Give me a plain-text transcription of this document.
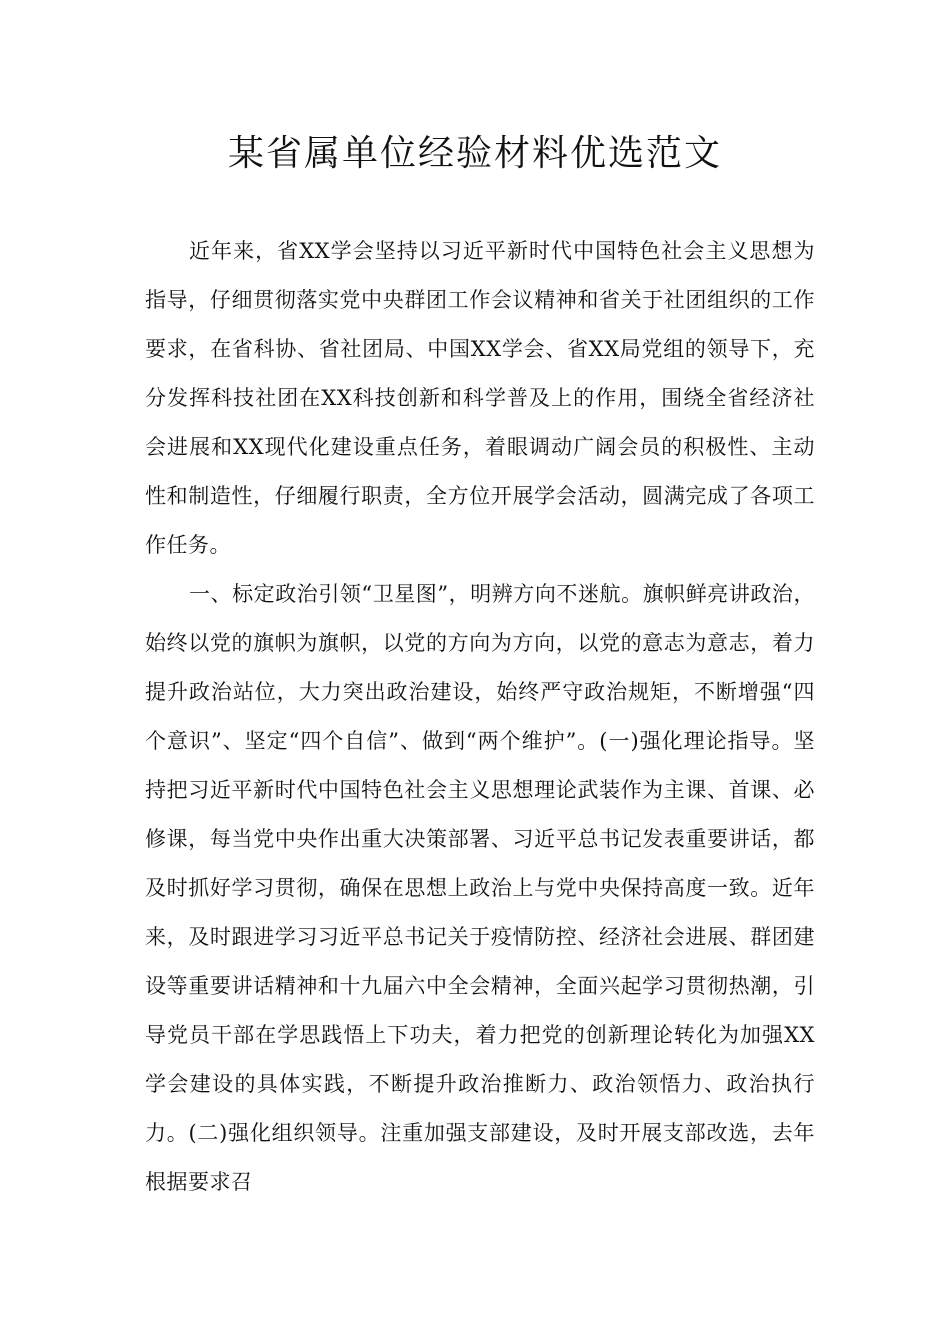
某省属单位经验材料优选范文

近年来，省XX学会坚持以习近平新时代中国特色社会主义思想为指导，仔细贯彻落实党中央群团工作会议精神和省关于社团组织的工作要求，在省科协、省社团局、中国XX学会、省XX局党组的领导下，充分发挥科技社团在XX科技创新和科学普及上的作用，围绕全省经济社会进展和XX现代化建设重点任务，着眼调动广阔会员的积极性、主动性和制造性，仔细履行职责，全方位开展学会活动，圆满完成了各项工作任务。

一、标定政治引领“卫星图”，明辨方向不迷航。旗帜鲜亮讲政治，始终以党的旗帜为旗帜，以党的方向为方向，以党的意志为意志，着力提升政治站位，大力突出政治建设，始终严守政治规矩，不断增强“四个意识”、坚定“四个自信”、做到“两个维护”。(一)强化理论指导。坚持把习近平新时代中国特色社会主义思想理论武装作为主课、首课、必修课，每当党中央作出重大决策部署、习近平总书记发表重要讲话，都及时抓好学习贯彻，确保在思想上政治上与党中央保持高度一致。近年来，及时跟进学习习近平总书记关于疫情防控、经济社会进展、群团建设等重要讲话精神和十九届六中全会精神，全面兴起学习贯彻热潮，引导党员干部在学思践悟上下功夫，着力把党的创新理论转化为加强XX学会建设的具体实践，不断提升政治推断力、政治领悟力、政治执行力。(二)强化组织领导。注重加强支部建设，及时开展支部改选，去年根据要求召
